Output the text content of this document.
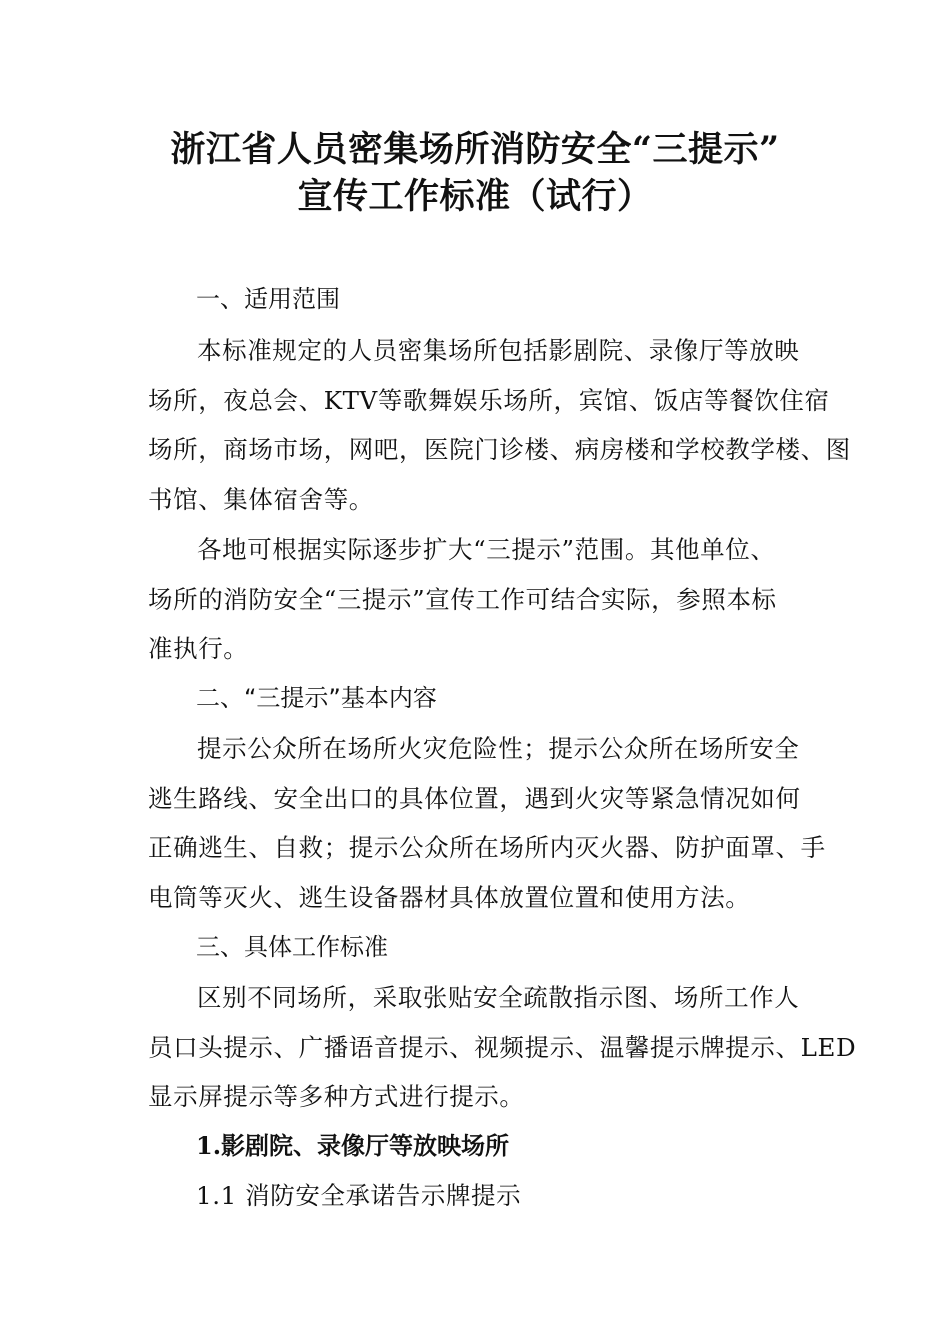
浙江省人员密集场所消防安全“三提示”
宣传工作标准（试行）
一、适用范围
本标准规定的人员密集场所包括影剧院、录像厅等放映
场所，夜总会、KTV等歌舞娱乐场所，宾馆、饭店等餐饮住宿
场所，商场市场，网吧，医院门诊楼、病房楼和学校教学楼、图
书馆、集体宿舍等。
各地可根据实际逐步扩大“三提示”范围。其他单位、
场所的消防安全“三提示”宣传工作可结合实际，参照本标
准执行。
二、“三提示”基本内容
提示公众所在场所火灾危险性；提示公众所在场所安全
逃生路线、安全出口的具体位置，遇到火灾等紧急情况如何
正确逃生、自救；提示公众所在场所内灭火器、防护面罩、手
电筒等灭火、逃生设备器材具体放置位置和使用方法。
三、具体工作标准
区别不同场所，采取张贴安全疏散指示图、场所工作人
员口头提示、广播语音提示、视频提示、温馨提示牌提示、LED
显示屏提示等多种方式进行提示。
1.影剧院、录像厅等放映场所
1.1 消防安全承诺告示牌提示
